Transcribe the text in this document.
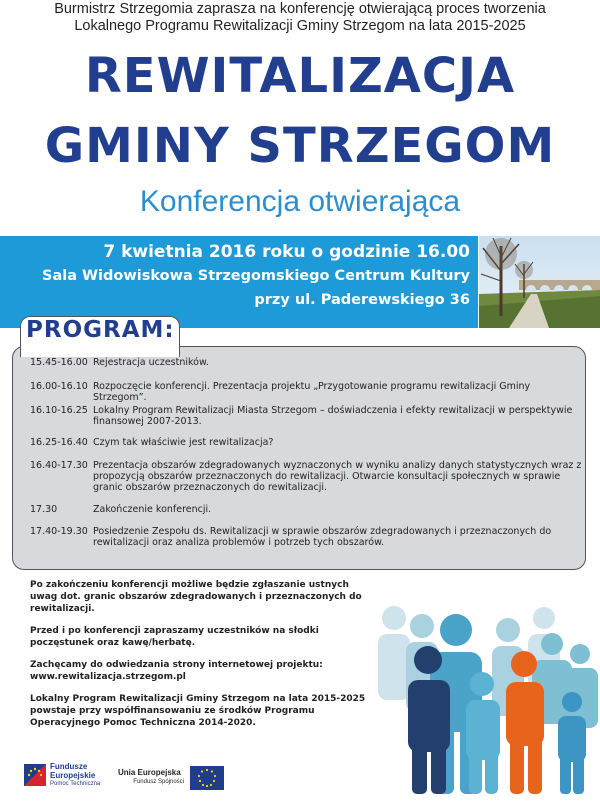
Burmistrz Strzegomia zaprasza na konferencję otwierającą proces tworzenia
Lokalnego Programu Rewitalizacji Gminy Strzegom na lata 2015-2025
REWITALIZACJA
GMINY STRZEGOM
Konferencja otwierająca
7 kwietnia 2016 roku o godzinie 16.00
Sala Widowiskowa Strzegomskiego Centrum Kultury
przy ul. Paderewskiego 36
PROGRAM:
15.45-16.00 Rejestracja uczestników.
16.00-16.10 Rozpoczęcie konferencji. Prezentacja projektu „Przygotowanie programu rewitalizacji Gminy Strzegom”.
16.10-16.25 Lokalny Program Rewitalizacji Miasta Strzegom – doświadczenia i efekty rewitalizacji w perspektywie finansowej 2007-2013.
16.25-16.40 Czym tak właściwie jest rewitalizacja?
16.40-17.30 Prezentacja obszarów zdegradowanych wyznaczonych w wyniku analizy danych statystycznych wraz z propozycją obszarów przeznaczonych do rewitalizacji. Otwarcie konsultacji społecznych w sprawie granic obszarów przeznaczonych do rewitalizacji.
17.30	Zakończenie konferencji.
17.40-19.30 Posiedzenie Zespołu ds. Rewitalizacji w sprawie obszarów zdegradowanych i przeznaczonych do rewitalizacji oraz analiza problemów i potrzeb tych obszarów.

Po zakończeniu konferencji możliwe będzie zgłaszanie ustnych uwag dot. granic obszarów zdegradowanych i przeznaczonych do rewitalizacji.

Przed i po konferencji zapraszamy uczestników na słodki poczęstunek oraz kawę/herbatę.

Zachęcamy do odwiedzania strony internetowej projektu:
www.rewitalizacja.strzegom.pl

Lokalny Program Rewitalizacji Gminy Strzegom na lata 2015-2025 powstaje przy współfinansowaniu ze środków Programu Operacyjnego Pomoc Techniczna 2014-2020.

Fundusze
Europejskie
Pomoc Techniczna
Unia Europejska
Fundusz Spójności
